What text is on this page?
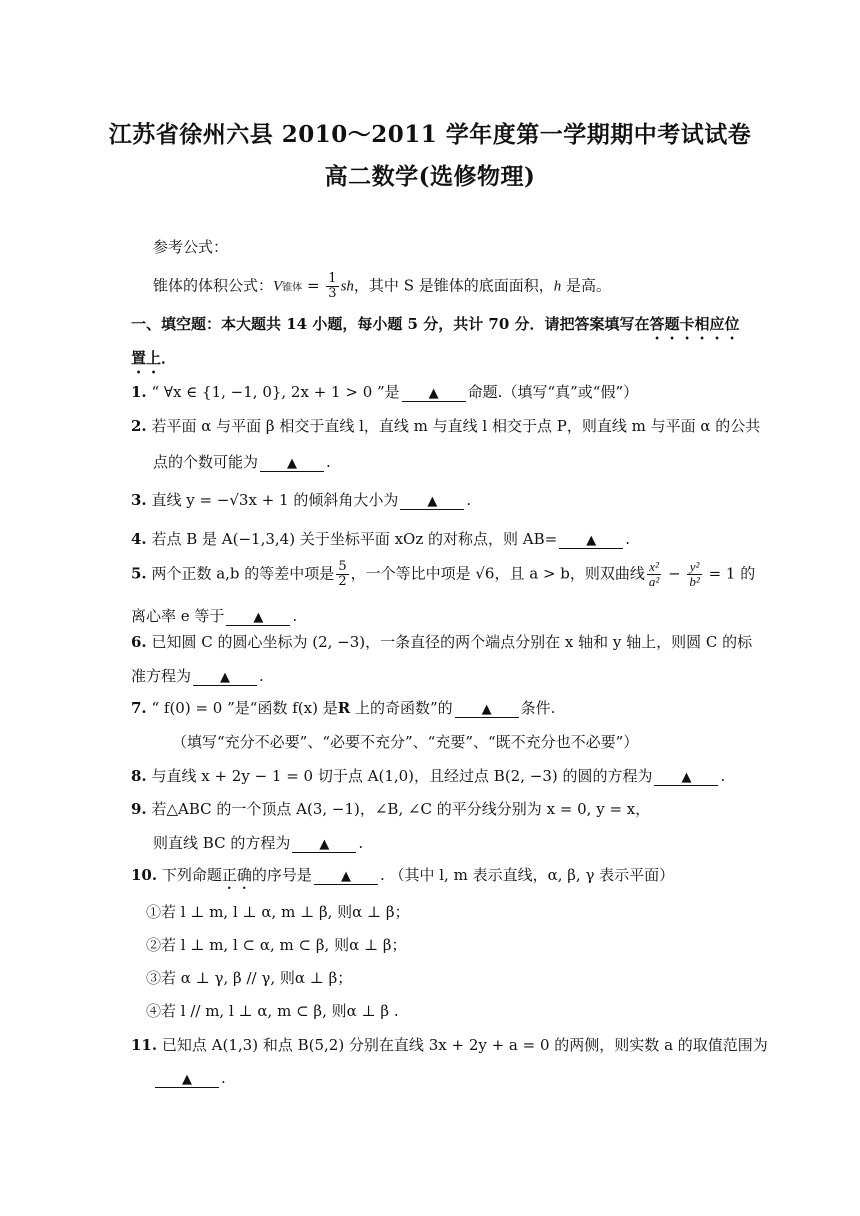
江苏省徐州六县 2010～2011 学年度第一学期期中考试试卷
高二数学(选修物理)
参考公式：
锥体的体积公式：V锥体 = $\frac{1}{3}$ sh，其中 S 是锥体的底面面积，h 是高。
一、填空题：本大题共 14 小题，每小题 5 分，共计 70 分．请把答案填写在答题卡相应位
置上．
1. “ ∀x ∈ {1, −1, 0}, 2x + 1 > 0 ”是 ▲ 命题.（填写“真”或“假”）
2. 若平面 α 与平面 β 相交于直线 l，直线 m 与直线 l 相交于点 P，则直线 m 与平面 α 的公共
点的个数可能为 ▲ .
3. 直线 y = −√3x + 1 的倾斜角大小为 ▲ .
4. 若点 B 是 A(−1,3,4) 关于坐标平面 xOz 的对称点，则 AB= ▲ .
5. 两个正数 a,b 的等差中项是 $\frac{5}{2}$ ，一个等比中项是 √6，且 a > b，则双曲线 $\frac{\text{x²}}{\text{a²}} - \frac{\text{y²}}{\text{b²}} = 1$ 的
离心率 e 等于 ▲ .
6. 已知圆 C 的圆心坐标为 (2, −3)，一条直径的两个端点分别在 x 轴和 y 轴上，则圆 C 的标
准方程为 ▲ .
7. “ f(0) = 0 ”是“函数 f(x) 是R 上的奇函数”的 ▲ 条件.
（填写“充分不必要”、“必要不充分”、“充要”、“既不充分也不必要”）
8. 与直线 x + 2y − 1 = 0 切于点 A(1,0)，且经过点 B(2, −3) 的圆的方程为 ▲ .
9. 若△ABC 的一个顶点 A(3, −1)，∠B, ∠C 的平分线分别为 x = 0, y = x，
则直线 BC 的方程为 ▲ .
10. 下列命题正确的序号是 ▲ . （其中 l, m 表示直线，α, β, γ 表示平面）
①若 l ⊥ m, l ⊥ α, m ⊥ β, 则α ⊥ β；
②若 l ⊥ m, l ⊂ α, m ⊂ β, 则α ⊥ β；
③若 α ⊥ γ, β // γ, 则α ⊥ β；
④若 l // m, l ⊥ α, m ⊂ β, 则α ⊥ β .
11. 已知点 A(1,3) 和点 B(5,2) 分别在直线 3x + 2y + a = 0 的两侧，则实数 a 的取值范围为
▲ .
